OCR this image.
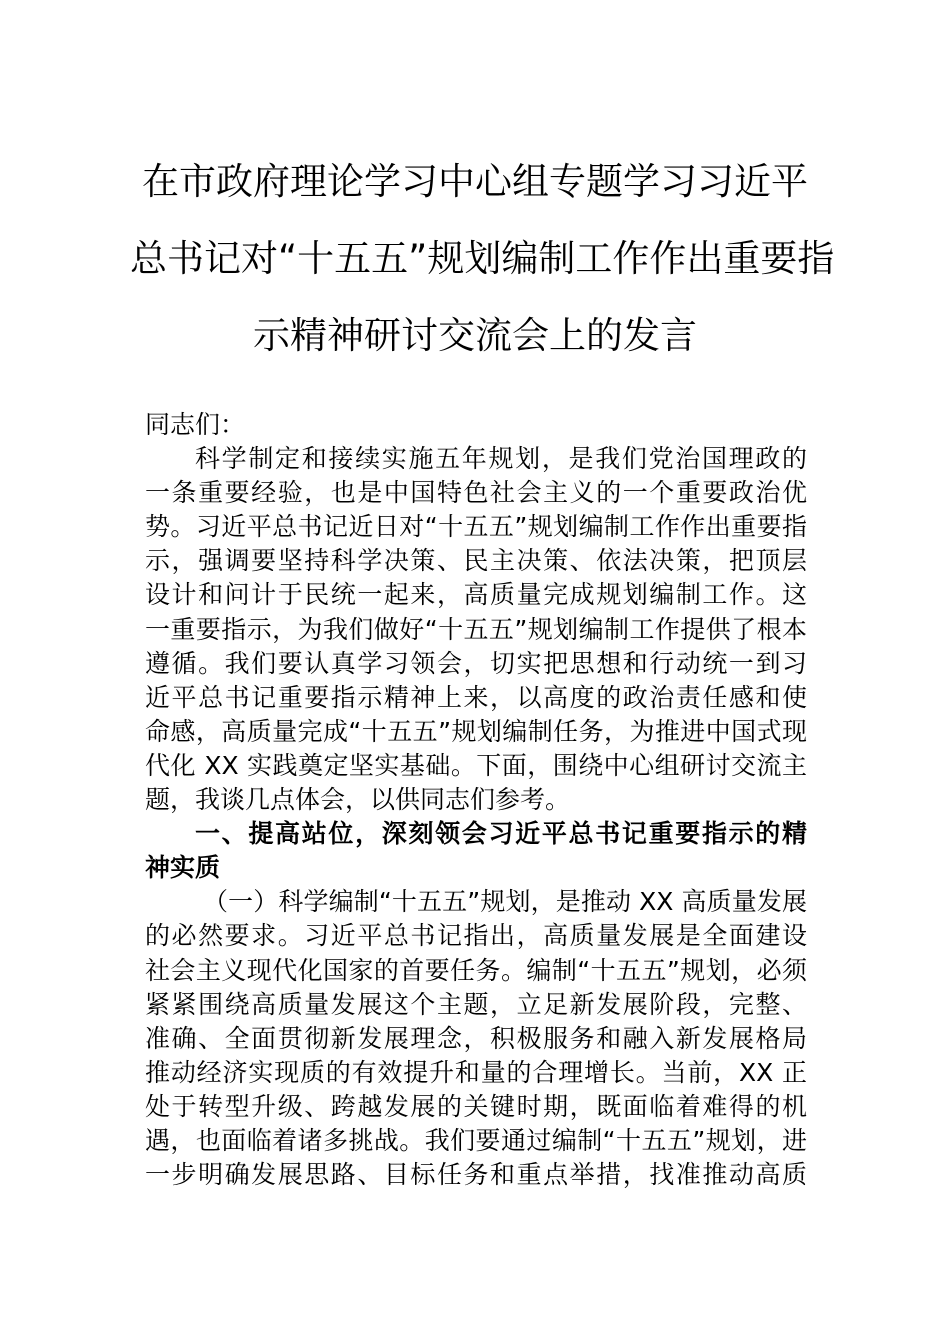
在市政府理论学习中心组专题学习习近平
总书记对“十五五”规划编制工作作出重要指
示精神研讨交流会上的发言
同志们：
科学制定和接续实施五年规划，是我们党治国理政的
一条重要经验，也是中国特色社会主义的一个重要政治优
势。习近平总书记近日对“十五五”规划编制工作作出重要指
示，强调要坚持科学决策、民主决策、依法决策，把顶层
设计和问计于民统一起来，高质量完成规划编制工作。这
一重要指示，为我们做好“十五五”规划编制工作提供了根本
遵循。我们要认真学习领会，切实把思想和行动统一到习
近平总书记重要指示精神上来，以高度的政治责任感和使
命感，高质量完成“十五五”规划编制任务，为推进中国式现
代化 XX 实践奠定坚实基础。下面，围绕中心组研讨交流主
题，我谈几点体会，以供同志们参考。
一、提高站位，深刻领会习近平总书记重要指示的精
神实质
（一）科学编制“十五五”规划，是推动 XX 高质量发展
的必然要求。习近平总书记指出，高质量发展是全面建设
社会主义现代化国家的首要任务。编制“十五五”规划，必须
紧紧围绕高质量发展这个主题，立足新发展阶段，完整、
准确、全面贯彻新发展理念，积极服务和融入新发展格局
推动经济实现质的有效提升和量的合理增长。当前，XX 正
处于转型升级、跨越发展的关键时期，既面临着难得的机
遇，也面临着诸多挑战。我们要通过编制“十五五”规划，进
一步明确发展思路、目标任务和重点举措，找准推动高质
